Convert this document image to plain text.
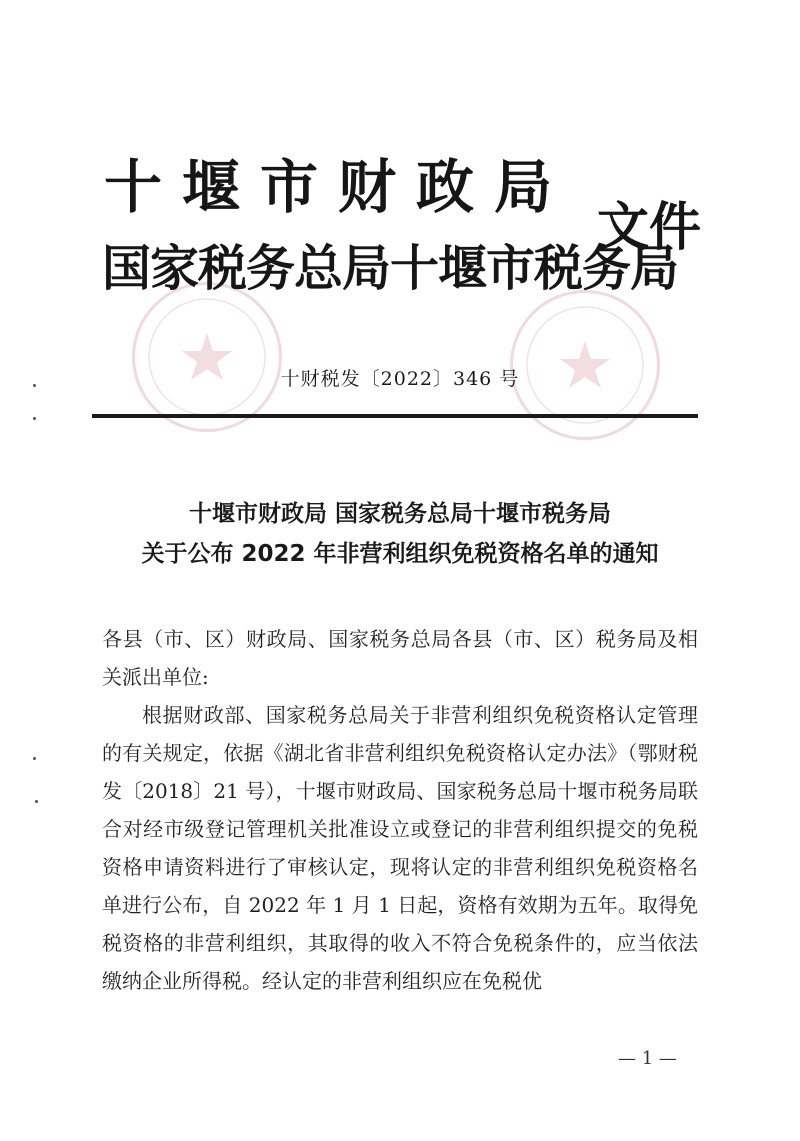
十堰市财政局
国家税务总局十堰市税务局
文件
十财税发〔2022〕346 号
十堰市财政局 国家税务总局十堰市税务局
关于公布 2022 年非营利组织免税资格名单的通知
各县（市、区）财政局、国家税务总局各县（市、区）税务局及相关派出单位:

根据财政部、国家税务总局关于非营利组织免税资格认定管理的有关规定，依据《湖北省非营利组织免税资格认定办法》（鄂财税发〔2018〕21 号），十堰市财政局、国家税务总局十堰市税务局联合对经市级登记管理机关批准设立或登记的非营利组织提交的免税资格申请资料进行了审核认定，现将认定的非营利组织免税资格名单进行公布，自 2022 年 1 月 1 日起，资格有效期为五年。取得免税资格的非营利组织，其取得的收入不符合免税条件的，应当依法缴纳企业所得税。经认定的非营利组织应在免税优

— 1 —
